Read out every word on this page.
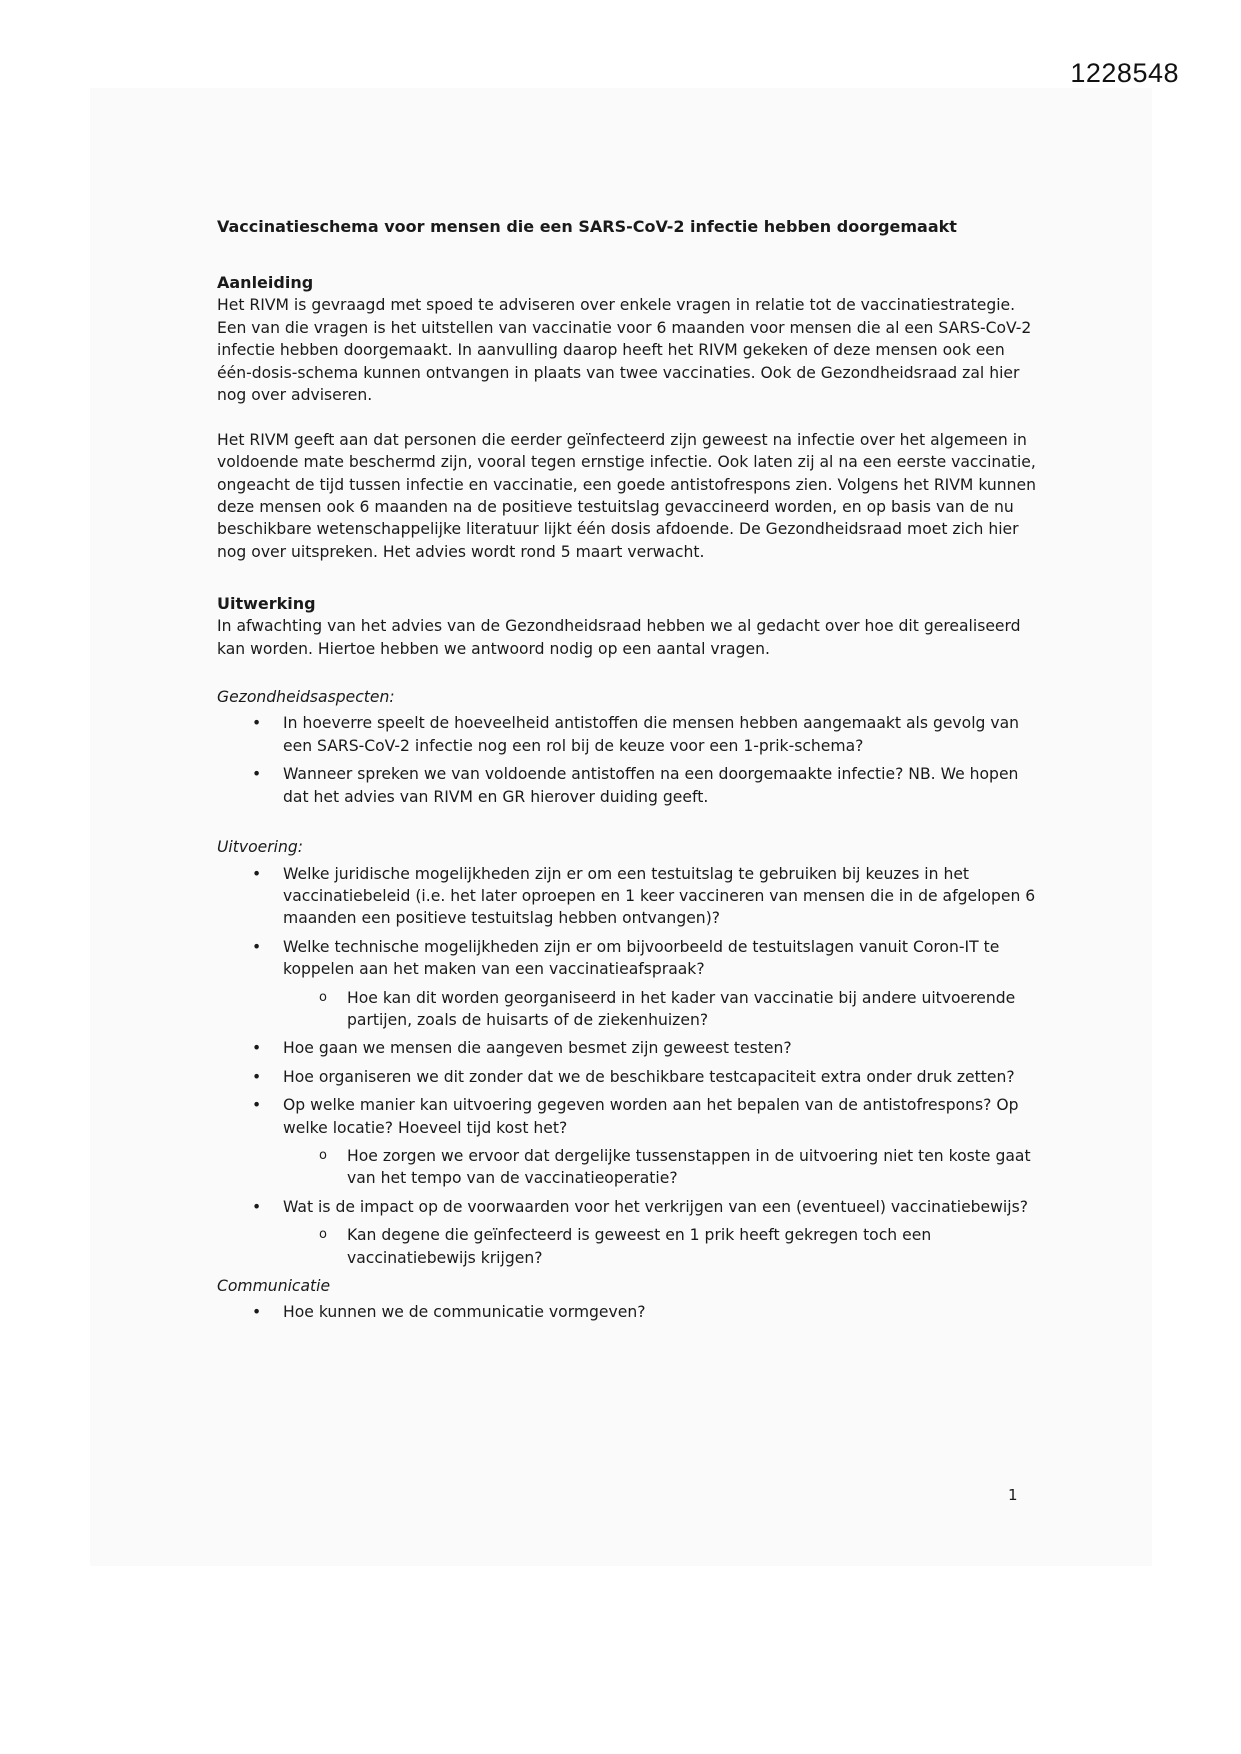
1228548
Vaccinatieschema voor mensen die een SARS-CoV-2 infectie hebben doorgemaakt
Aanleiding

Het RIVM is gevraagd met spoed te adviseren over enkele vragen in relatie tot de vaccinatiestrategie. Een van die vragen is het uitstellen van vaccinatie voor 6 maanden voor mensen die al een SARS-CoV-2 infectie hebben doorgemaakt. In aanvulling daarop heeft het RIVM gekeken of deze mensen ook een één-dosis-schema kunnen ontvangen in plaats van twee vaccinaties. Ook de Gezondheidsraad zal hier nog over adviseren.

Het RIVM geeft aan dat personen die eerder geïnfecteerd zijn geweest na infectie over het algemeen in voldoende mate beschermd zijn, vooral tegen ernstige infectie. Ook laten zij al na een eerste vaccinatie, ongeacht de tijd tussen infectie en vaccinatie, een goede antistofrespons zien. Volgens het RIVM kunnen deze mensen ook 6 maanden na de positieve testuitslag gevaccineerd worden, en op basis van de nu beschikbare wetenschappelijke literatuur lijkt één dosis afdoende. De Gezondheidsraad moet zich hier nog over uitspreken. Het advies wordt rond 5 maart verwacht.

Uitwerking

In afwachting van het advies van de Gezondheidsraad hebben we al gedacht over hoe dit gerealiseerd kan worden. Hiertoe hebben we antwoord nodig op een aantal vragen.

Gezondheidsaspecten:
• In hoeverre speelt de hoeveelheid antistoffen die mensen hebben aangemaakt als gevolg van een SARS-CoV-2 infectie nog een rol bij de keuze voor een 1-prik-schema?
• Wanneer spreken we van voldoende antistoffen na een doorgemaakte infectie? NB. We hopen dat het advies van RIVM en GR hierover duiding geeft.
Uitvoering:
• Welke juridische mogelijkheden zijn er om een testuitslag te gebruiken bij keuzes in het vaccinatiebeleid (i.e. het later oproepen en 1 keer vaccineren van mensen die in de afgelopen 6 maanden een positieve testuitslag hebben ontvangen)?
• Welke technische mogelijkheden zijn er om bijvoorbeeld de testuitslagen vanuit Coron-IT te koppelen aan het maken van een vaccinatieafspraak?
o Hoe kan dit worden georganiseerd in het kader van vaccinatie bij andere uitvoerende partijen, zoals de huisarts of de ziekenhuizen?
• Hoe gaan we mensen die aangeven besmet zijn geweest testen?
• Hoe organiseren we dit zonder dat we de beschikbare testcapaciteit extra onder druk zetten?
• Op welke manier kan uitvoering gegeven worden aan het bepalen van de antistofrespons? Op welke locatie? Hoeveel tijd kost het?
o Hoe zorgen we ervoor dat dergelijke tussenstappen in de uitvoering niet ten koste gaat van het tempo van de vaccinatieoperatie?
• Wat is de impact op de voorwaarden voor het verkrijgen van een (eventueel) vaccinatiebewijs?
o Kan degene die geïnfecteerd is geweest en 1 prik heeft gekregen toch een vaccinatiebewijs krijgen?
Communicatie
• Hoe kunnen we de communicatie vormgeven?
1
